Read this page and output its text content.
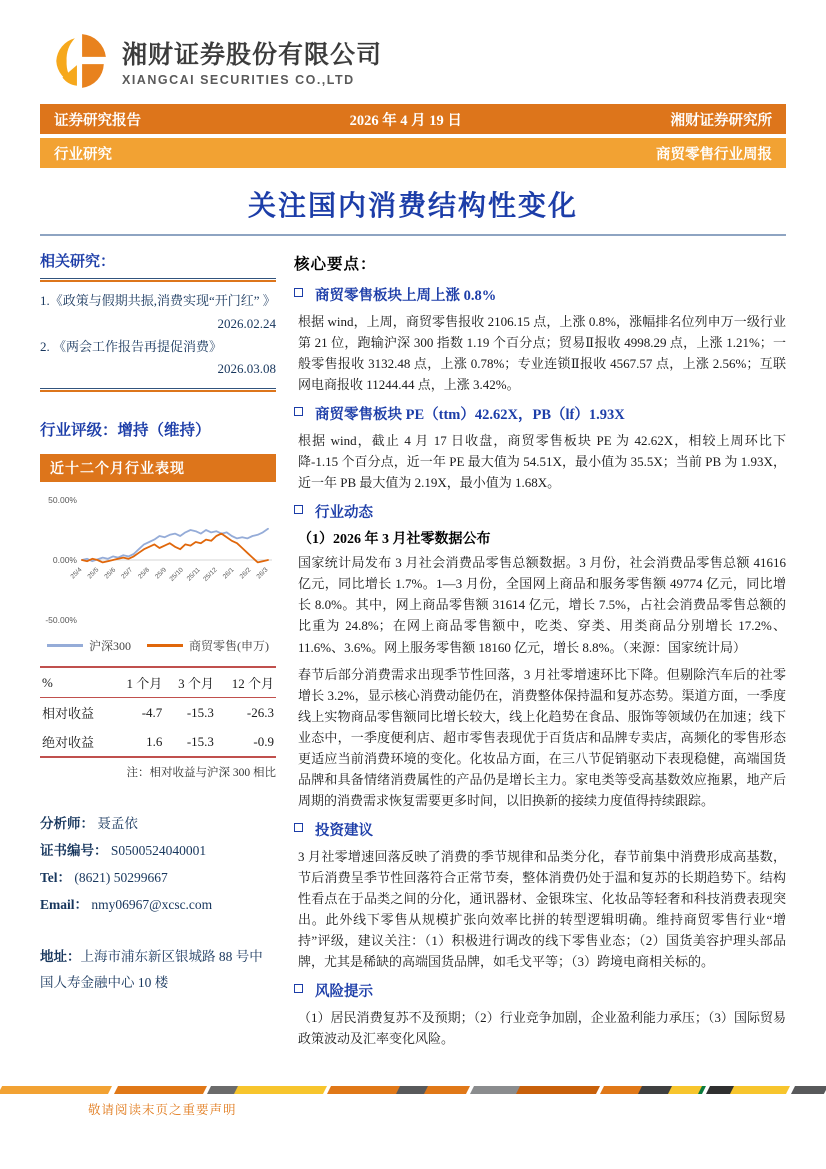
湘财证券股份有限公司
XIANGCAI SECURITIES CO.,LTD
证券研究报告	2026 年 4 月 19 日	湘财证券研究所
行业研究	商贸零售行业周报
关注国内消费结构性变化
相关研究：
1.《政策与假期共振,消费实现“开门红” 》
2026.02.24
2. 《两会工作报告再提促消费》
2026.03.08
行业评级：增持（维持）
近十二个月行业表现
50.00%
0.00%
-50.00%
25/4 25/5 25/6 25/7 25/8 25/9 25/10 25/11 25/12 26/1 26/2 26/3
沪深300	商贸零售(申万)
%	1 个月	3 个月	12 个月
相对收益	-4.7	-15.3	-26.3
绝对收益	1.6	-15.3	-0.9
注：相对收益与沪深 300 相比
分析师： 聂孟依
证书编号： S0500524040001
Tel： (8621) 50299667
Email： nmy06967@xcsc.com
地址：上海市浦东新区银城路 88 号中国人寿金融中心 10 楼
核心要点：
商贸零售板块上周上涨 0.8%

根据 wind，上周，商贸零售报收 2106.15 点，上涨 0.8%，涨幅排名位列申万一级行业第 21 位，跑输沪深 300 指数 1.19 个百分点；贸易Ⅱ报收 4998.29 点，上涨 1.21%；一般零售报收 3132.48 点，上涨 0.78%；专业连锁Ⅱ报收 4567.57 点，上涨 2.56%；互联网电商报收 11244.44 点，上涨 3.42%。

商贸零售板块 PE（ttm）42.62X，PB（lf）1.93X

根据 wind，截止 4 月 17 日收盘，商贸零售板块 PE 为 42.62X，相较上周环比下降-1.15 个百分点，近一年 PE 最大值为 54.51X，最小值为 35.5X；当前 PB 为 1.93X，近一年 PB 最大值为 2.19X，最小值为 1.68X。

行业动态
（1）2026 年 3 月社零数据公布

国家统计局发布 3 月社会消费品零售总额数据。3 月份，社会消费品零售总额 41616 亿元，同比增长 1.7%。1—3 月份，全国网上商品和服务零售额 49774 亿元，同比增长 8.0%。其中，网上商品零售额 31614 亿元，增长 7.5%，占社会消费品零售总额的比重为 24.8%；在网上商品零售额中，吃类、穿类、用类商品分别增长 17.2%、 11.6%、3.6%。网上服务零售额 18160 亿元，增长 8.8%。（来源：国家统计局）

春节后部分消费需求出现季节性回落，3 月社零增速环比下降。但剔除汽车后的社零增长 3.2%，显示核心消费动能仍在，消费整体保持温和复苏态势。渠道方面，一季度线上实物商品零售额同比增长较大，线上化趋势在食品、服饰等领域仍在加速；线下业态中，一季度便利店、超市零售表现优于百货店和品牌专卖店，高频化的零售形态更适应当前消费环境的变化。化妆品方面，在三八节促销驱动下表现稳健，高端国货品牌和具备情绪消费属性的产品仍是增长主力。家电类等受高基数效应拖累，地产后周期的消费需求恢复需要更多时间，以旧换新的接续力度值得持续跟踪。

投资建议

3 月社零增速回落反映了消费的季节规律和品类分化，春节前集中消费形成高基数，节后消费呈季节性回落符合正常节奏，整体消费仍处于温和复苏的长期趋势下。结构性看点在于品类之间的分化，通讯器材、金银珠宝、化妆品等轻奢和科技消费表现突出。此外线下零售从规模扩张向效率比拼的转型逻辑明确。维持商贸零售行业“增持”评级，建议关注：（1）积极进行调改的线下零售业态；（2）国货美容护理头部品牌，尤其是稀缺的高端国货品牌，如毛戈平等；（3）跨境电商相关标的。

风险提示

（1）居民消费复苏不及预期；（2）行业竞争加剧，企业盈利能力承压；（3）国际贸易政策波动及汇率变化风险。

敬请阅读末页之重要声明
